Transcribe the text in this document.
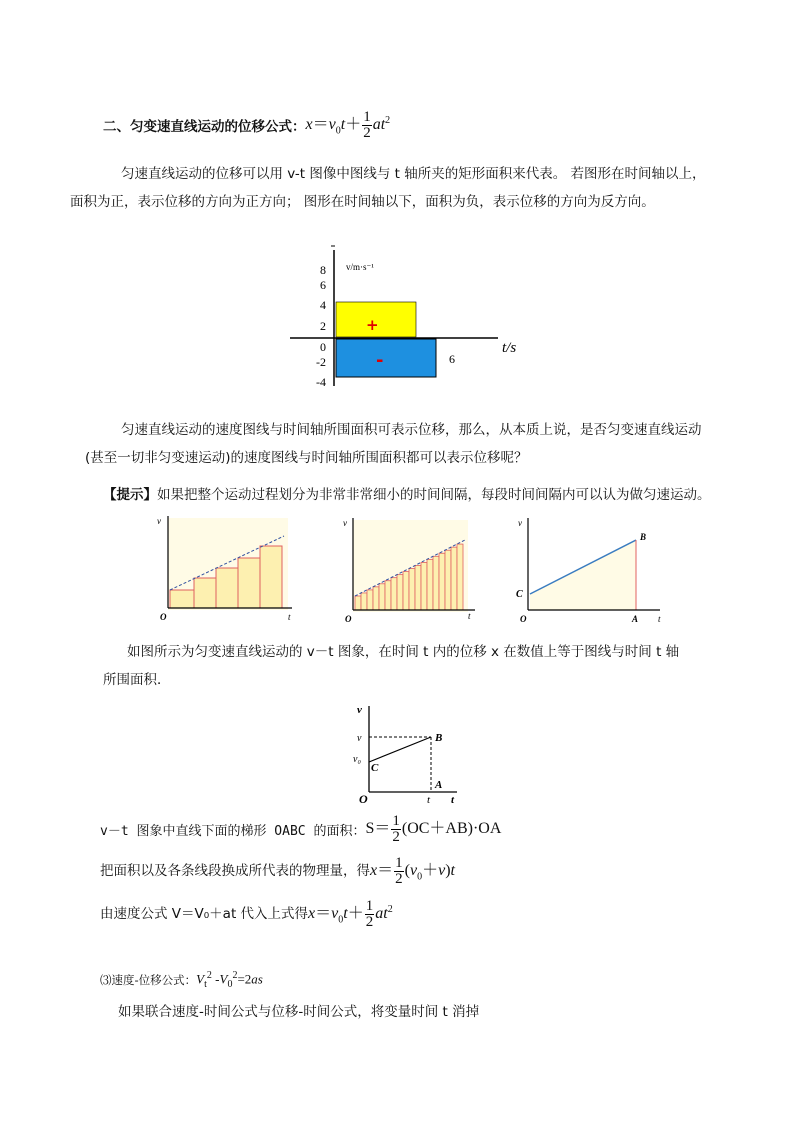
二、匀变速直线运动的位移公式： $x=v_0t+ \frac{1}{2} at^2$
匀速直线运动的位移可以用 v-t 图像中图线与 t 轴所夹的矩形面积来代表。 若图形在时间轴以上，
面积为正，表示位移的方向为正方向； 图形在时间轴以下，面积为负，表示位移的方向为反方向。
8
6
4
2
0
-2
-4
v/m·s⁻¹
t/s
6
+
-
匀速直线运动的速度图线与时间轴所围面积可表示位移，那么，从本质上说，是否匀变速直线运动
(甚至一切非匀变速运动)的速度图线与时间轴所围面积都可以表示位移呢？
【提示】如果把整个运动过程划分为非常非常细小的时间间隔，每段时间间隔内可以认为做匀速运动。
v
O	t
v
O	t
v
O
C
A
B
t
如图所示为匀变速直线运动的 v－t 图象，在时间 t 内的位移 x 在数值上等于图线与时间 t 轴
所围面积．
v
v
v₀
C
B
A
O	t t
v－t 图象中直线下面的梯形 OABC 的面积： $S= \frac{1}{2} (OC+AB)\cdot OA$
把面积以及各条线段换成所代表的物理量，得 $x= \frac{1}{2} (v_0+v)t$
由速度公式 V＝V₀＋at 代入上式得 $x=v_0t+ \frac{1}{2} at^2$
⑶速度-位移公式： $V_t^2$ $-V_0^2=2as$
如果联合速度-时间公式与位移-时间公式，将变量时间 t 消掉
